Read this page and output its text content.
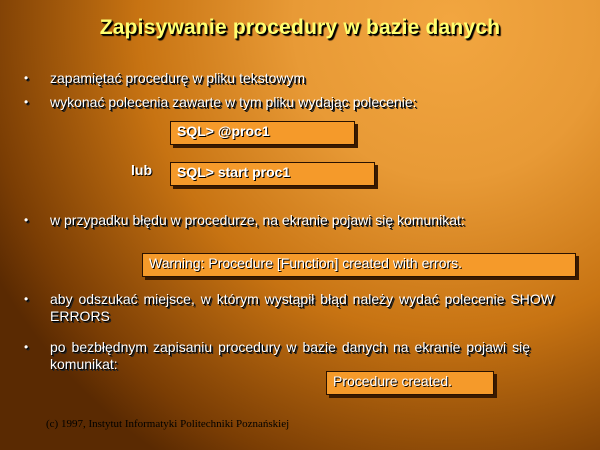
Zapisywanie procedury w bazie danych
• zapamiętać procedurę w pliku tekstowym
• wykonać polecenia zawarte w tym pliku wydając polecenie:
SQL> @proc1
lub	SQL> start proc1
• w przypadku błędu w procedurze, na ekranie pojawi się komunikat:
Warning: Procedure [Function] created with errors.
• aby odszukać miejsce, w którym wystąpił błąd należy wydać polecenie SHOW ERRORS
• po bezbłędnym zapisaniu procedury w bazie danych na ekranie pojawi się komunikat:
Procedure created.
(c) 1997, Instytut Informatyki Politechniki Poznańskiej
